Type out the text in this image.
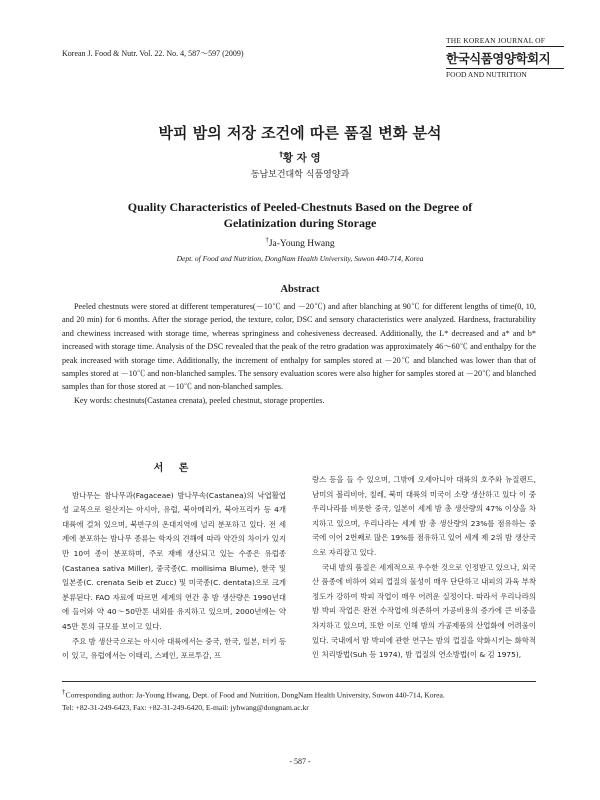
Korean J. Food & Nutr. Vol. 22. No. 4, 587～597 (2009)
THE KOREAN JOURNAL OF
한국식품영양학회지
FOOD AND NUTRITION
박피 밤의 저장 조건에 따른 품질 변화 분석
†황 자 영
동남보건대학 식품영양과
Quality Characteristics of Peeled-Chestnuts Based on the Degree of
Gelatinization during Storage
†Ja-Young Hwang
Dept. of Food and Nutrition, DongNam Health University, Suwon 440-714, Korea
Abstract

Peeled chestnuts were stored at different temperatures(－10℃ and －20℃) and after blanching at 90℃ for different lengths of time(0, 10, and 20 min) for 6 months. After the storage period, the texture, color, DSC and sensory characteristics were analyzed. Hardness, fracturability and chewiness increased with storage time, whereas springiness and cohesiveness decreased. Additionally, the L* decreased and a* and b* increased with storage time. Analysis of the DSC revealed that the peak of the retro gradation was approximately 46～60℃ and enthalpy for the peak increased with storage time. Additionally, the increment of enthalpy for samples stored at －20℃ and blanched was lower than that of samples stored at －10℃ and non-blanched samples. The sensory evaluation scores were also higher for samples stored at －20℃ and blanched samples than for those stored at －10℃ and non-blanched samples.

Key words: chestnuts(Castanea crenata), peeled chestnut, storage properties.

서 론

밤나무는 참나무과(Fagaceae) 밤나무속(Castanea)의 낙엽활엽성 교목으로 원산지는 아시아, 유럽, 북아메리카, 북아프리카 등 4개 대륙에 걸쳐 있으며, 북반구의 온대지역에 널리 분포하고 있다. 전 세계에 분포하는 밤나무 종류는 학자의 견해에 따라 약간의 차이가 있지만 10여 종이 분포하며, 주로 재배 생산되고 있는 수종은 유럽종(Castanea sativa Miller), 중국종(C. mollisima Blume), 한국 및 일본종(C. crenata Seib et Zucc) 및 미국종(C. dentata)으로 크게 분류된다. FAO 자료에 따르면 세계의 연간 총 밤 생산량은 1990년대에 들어와 약 40～50만톤 내외를 유지하고 있으며, 2000년에는 약 45만 톤의 규모를 보이고 있다.

주요 밤 생산국으로는 아시아 대륙에서는 중국, 한국, 일본, 터키 등이 있고, 유럽에서는 이태리, 스페인, 포르투갈, 프

랑스 등을 들 수 있으며, 그밖에 오세아니아 대륙의 호주와 뉴질랜드, 남미의 볼리비아, 칠레, 북미 대륙의 미국이 소량 생산하고 있다 이 중 우리나라를 비롯한 중국, 일본이 세계 밤 총 생산량의 47% 이상을 차지하고 있으며, 우리나라는 세계 밤 총 생산량의 23%를 점유하는 중국에 이어 2번째로 많은 19%를 점유하고 있어 세계 제 2위 밤 생산국으로 자리잡고 있다.

국내 밤의 품질은 세계적으로 우수한 것으로 인정받고 있으나, 외국산 품종에 비하여 외피 껍질의 물성이 매우 단단하고 내피의 과육 부착 정도가 강하여 박피 작업이 매우 어려운 실정이다. 따라서 우리나라의 밤 박피 작업은 완전 수작업에 의존하여 가공비용의 증가에 큰 비중을 차지하고 있으며, 또한 이로 인해 밤의 가공제품의 산업화에 어려움이 있다. 국내에서 밤 박피에 관한 연구는 밤의 껍질을 약화시키는 화학적인 처리방법(Suh 등 1974), 밤 껍질의 연소방법(이 & 김 1975),

†Corresponding author: Ja-Young Hwang, Dept. of Food and Nutrition, DongNam Health University, Suwon 440-714, Korea.
Tel: +82-31-249-6423, Fax: +82-31-249-6420, E-mail: jyhwang@dongnam.ac.kr
- 587 -
